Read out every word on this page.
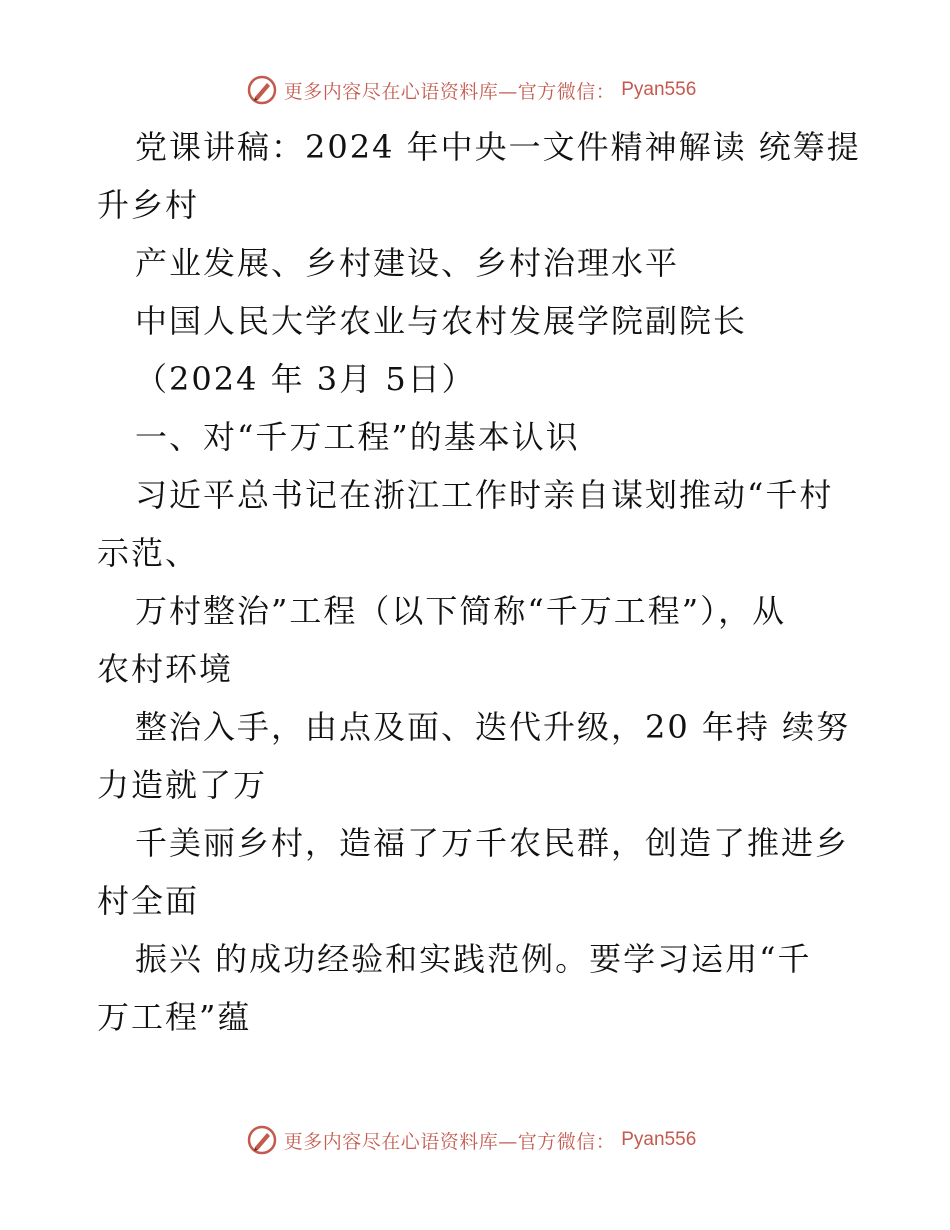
更多内容尽在心语资料库—官方微信： Pyan556
党课讲稿：2024 年中央一文件精神解读 统筹提
升乡村
产业发展、乡村建设、乡村治理水平
中国人民大学农业与农村发展学院副院长
（2024 年 3月 5日）
一、对“千万工程”的基本认识
习近平总书记在浙江工作时亲自谋划推动“千村
示范、
万村整治”工程（以下简称“千万工程”），从
农村环境
整治入手，由点及面、迭代升级，20 年持 续努
力造就了万
千美丽乡村，造福了万千农民群，创造了推进乡
村全面
振兴 的成功经验和实践范例。要学习运用“千
万工程”蕴
更多内容尽在心语资料库—官方微信： Pyan556
